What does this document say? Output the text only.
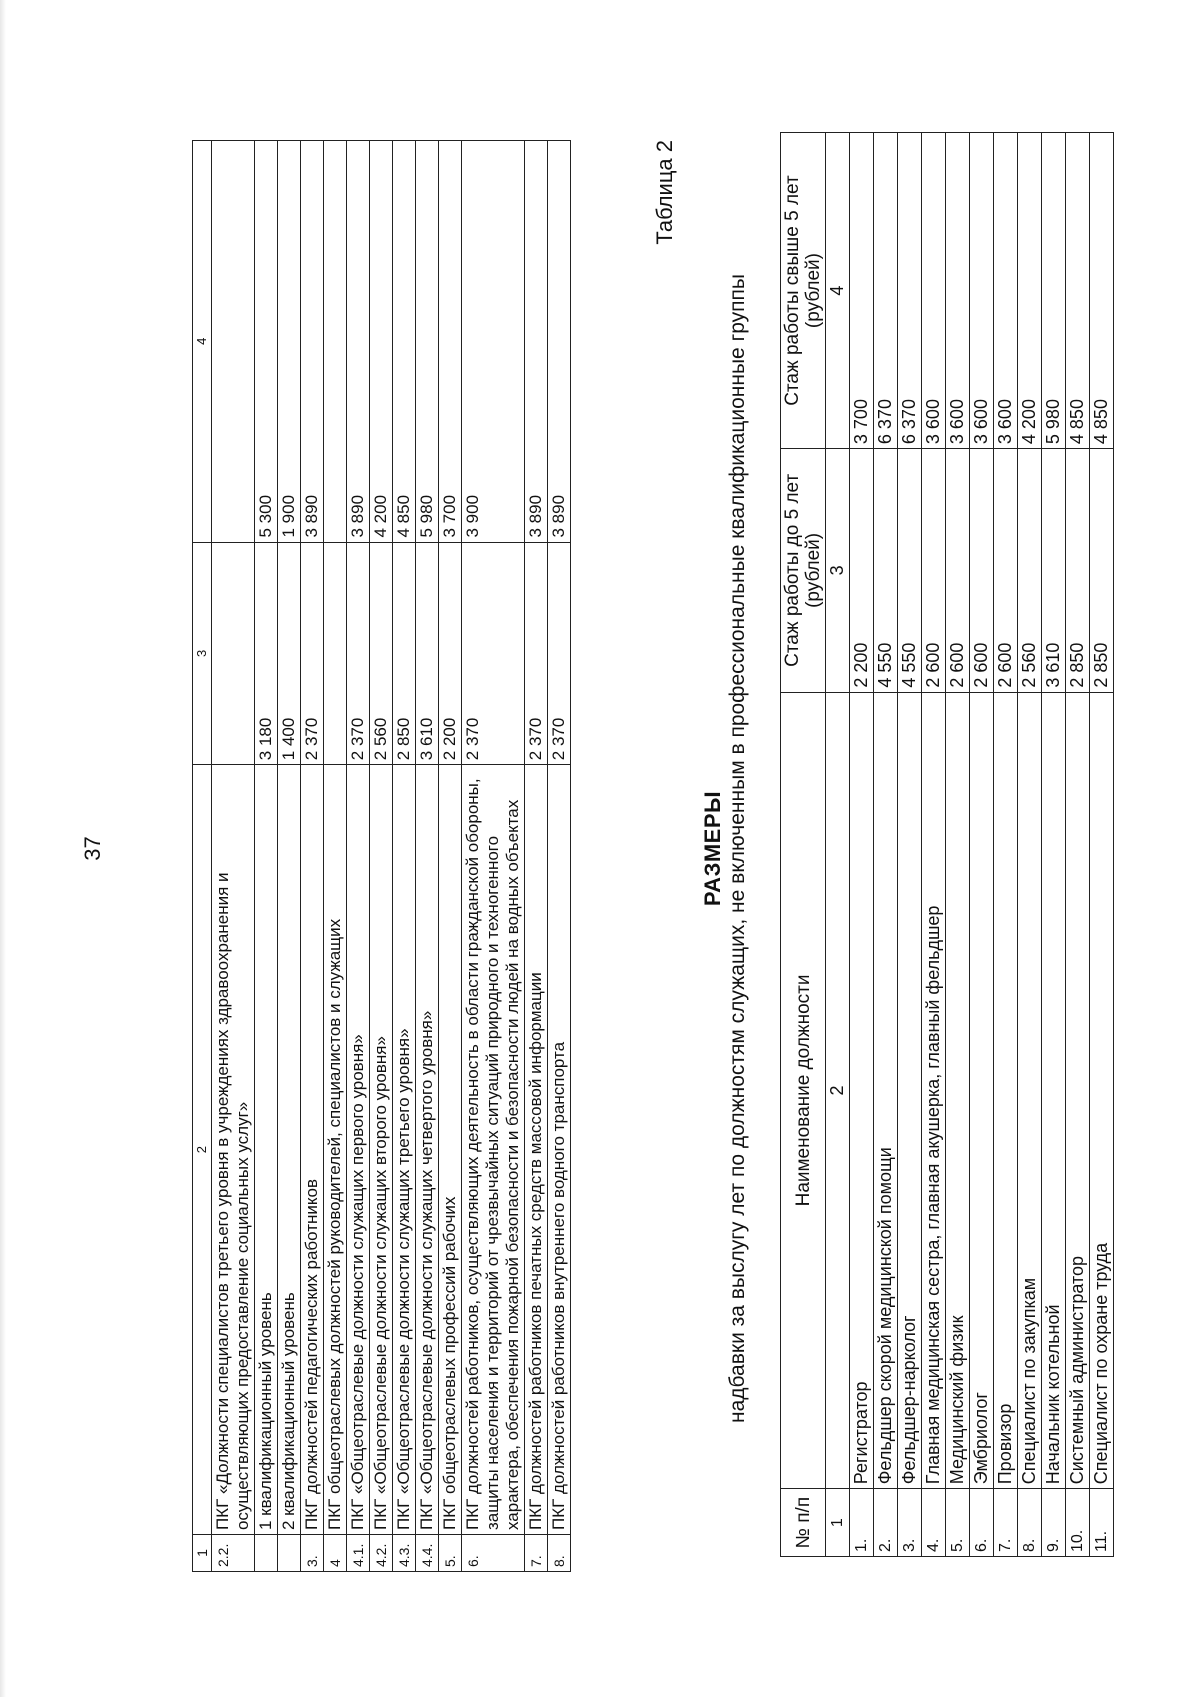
37
1	2	3	4
2.2.	ПКГ «Должности специалистов третьего уровня в учреждениях здравоохранения и осуществляющих предоставление социальных услуг»		
	1 квалификационный уровень	3 180	5 300
	2 квалификационный уровень	1 400	1 900
3.	ПКГ должностей педагогических работников	2 370	3 890
4	ПКГ общеотраслевых должностей руководителей, специалистов и служащих		
4.1.	ПКГ «Общеотраслевые должности служащих первого уровня»	2 370	3 890
4.2.	ПКГ «Общеотраслевые должности служащих второго уровня»	2 560	4 200
4.3.	ПКГ «Общеотраслевые должности служащих третьего уровня»	2 850	4 850
4.4.	ПКГ «Общеотраслевые должности служащих четвертого уровня»	3 610	5 980
5.	ПКГ общеотраслевых профессий рабочих	2 200	3 700
6.	ПКГ должностей работников, осуществляющих деятельность в области гражданской обороны, защиты населения и территорий от чрезвычайных ситуаций природного и техногенного характера, обеспечения пожарной безопасности и безопасности людей на водных объектах	2 370	3 900
7.	ПКГ должностей работников печатных средств массовой информации	2 370	3 890
8.	ПКГ должностей работников внутреннего водного транспорта	2 370	3 890
Таблица 2
РАЗМЕРЫ надбавки за выслугу лет по должностям служащих, не включенным в профессиональные квалификационные группы
№ п/п	Наименование должности	Стаж работы до 5 лет (рублей)	Стаж работы свыше 5 лет (рублей)
1	2	3	4
1.	Регистратор	2 200	3 700
2.	Фельдшер скорой медицинской помощи	4 550	6 370
3.	Фельдшер-нарколог	4 550	6 370
4.	Главная медицинская сестра, главная акушерка, главный фельдшер	2 600	3 600
5.	Медицинский физик	2 600	3 600
6.	Эмбриолог	2 600	3 600
7.	Провизор	2 600	3 600
8.	Специалист по закупкам	2 560	4 200
9.	Начальник котельной	3 610	5 980
10.	Системный администратор	2 850	4 850
11.	Специалист по охране труда	2 850	4 850
